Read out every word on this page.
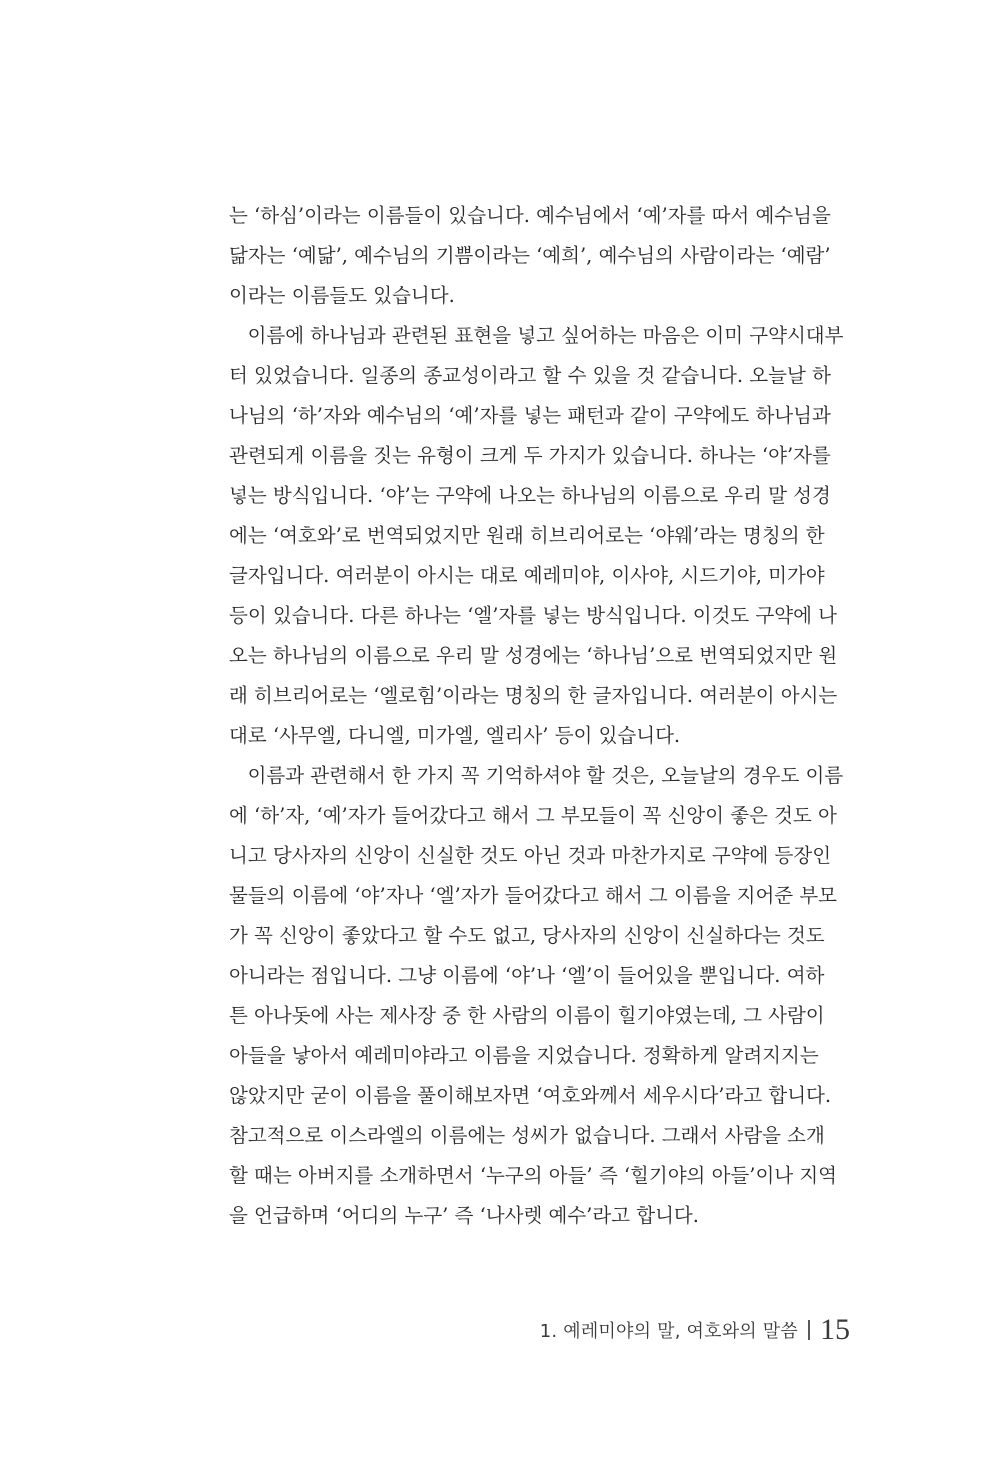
는 ‘하심’이라는 이름들이 있습니다. 예수님에서 ‘예’자를 따서 예수님을
닮자는 ‘예닮’, 예수님의 기쁨이라는 ‘예희’, 예수님의 사람이라는 ‘예람’
이라는 이름들도 있습니다.
이름에 하나님과 관련된 표현을 넣고 싶어하는 마음은 이미 구약시대부
터 있었습니다. 일종의 종교성이라고 할 수 있을 것 같습니다. 오늘날 하
나님의 ‘하’자와 예수님의 ‘예’자를 넣는 패턴과 같이 구약에도 하나님과
관련되게 이름을 짓는 유형이 크게 두 가지가 있습니다. 하나는 ‘야’자를
넣는 방식입니다. ‘야’는 구약에 나오는 하나님의 이름으로 우리 말 성경
에는 ‘여호와’로 번역되었지만 원래 히브리어로는 ‘야웨’라는 명칭의 한
글자입니다. 여러분이 아시는 대로 예레미야, 이사야, 시드기야, 미가야
등이 있습니다. 다른 하나는 ‘엘’자를 넣는 방식입니다. 이것도 구약에 나
오는 하나님의 이름으로 우리 말 성경에는 ‘하나님’으로 번역되었지만 원
래 히브리어로는 ‘엘로힘’이라는 명칭의 한 글자입니다. 여러분이 아시는
대로 ‘사무엘, 다니엘, 미가엘, 엘리사’ 등이 있습니다.
이름과 관련해서 한 가지 꼭 기억하셔야 할 것은, 오늘날의 경우도 이름
에 ‘하’자, ‘예’자가 들어갔다고 해서 그 부모들이 꼭 신앙이 좋은 것도 아
니고 당사자의 신앙이 신실한 것도 아닌 것과 마찬가지로 구약에 등장인
물들의 이름에 ‘야’자나 ‘엘’자가 들어갔다고 해서 그 이름을 지어준 부모
가 꼭 신앙이 좋았다고 할 수도 없고, 당사자의 신앙이 신실하다는 것도
아니라는 점입니다. 그냥 이름에 ‘야’나 ‘엘’이 들어있을 뿐입니다. 여하
튼 아나돗에 사는 제사장 중 한 사람의 이름이 힐기야였는데, 그 사람이
아들을 낳아서 예레미야라고 이름을 지었습니다. 정확하게 알려지지는
않았지만 굳이 이름을 풀이해보자면 ‘여호와께서 세우시다’라고 합니다.
참고적으로 이스라엘의 이름에는 성씨가 없습니다. 그래서 사람을 소개
할 때는 아버지를 소개하면서 ‘누구의 아들’ 즉 ‘힐기야의 아들’이나 지역
을 언급하며 ‘어디의 누구’ 즉 ‘나사렛 예수’라고 합니다.
1. 예레미야의 말, 여호와의 말씀 15
